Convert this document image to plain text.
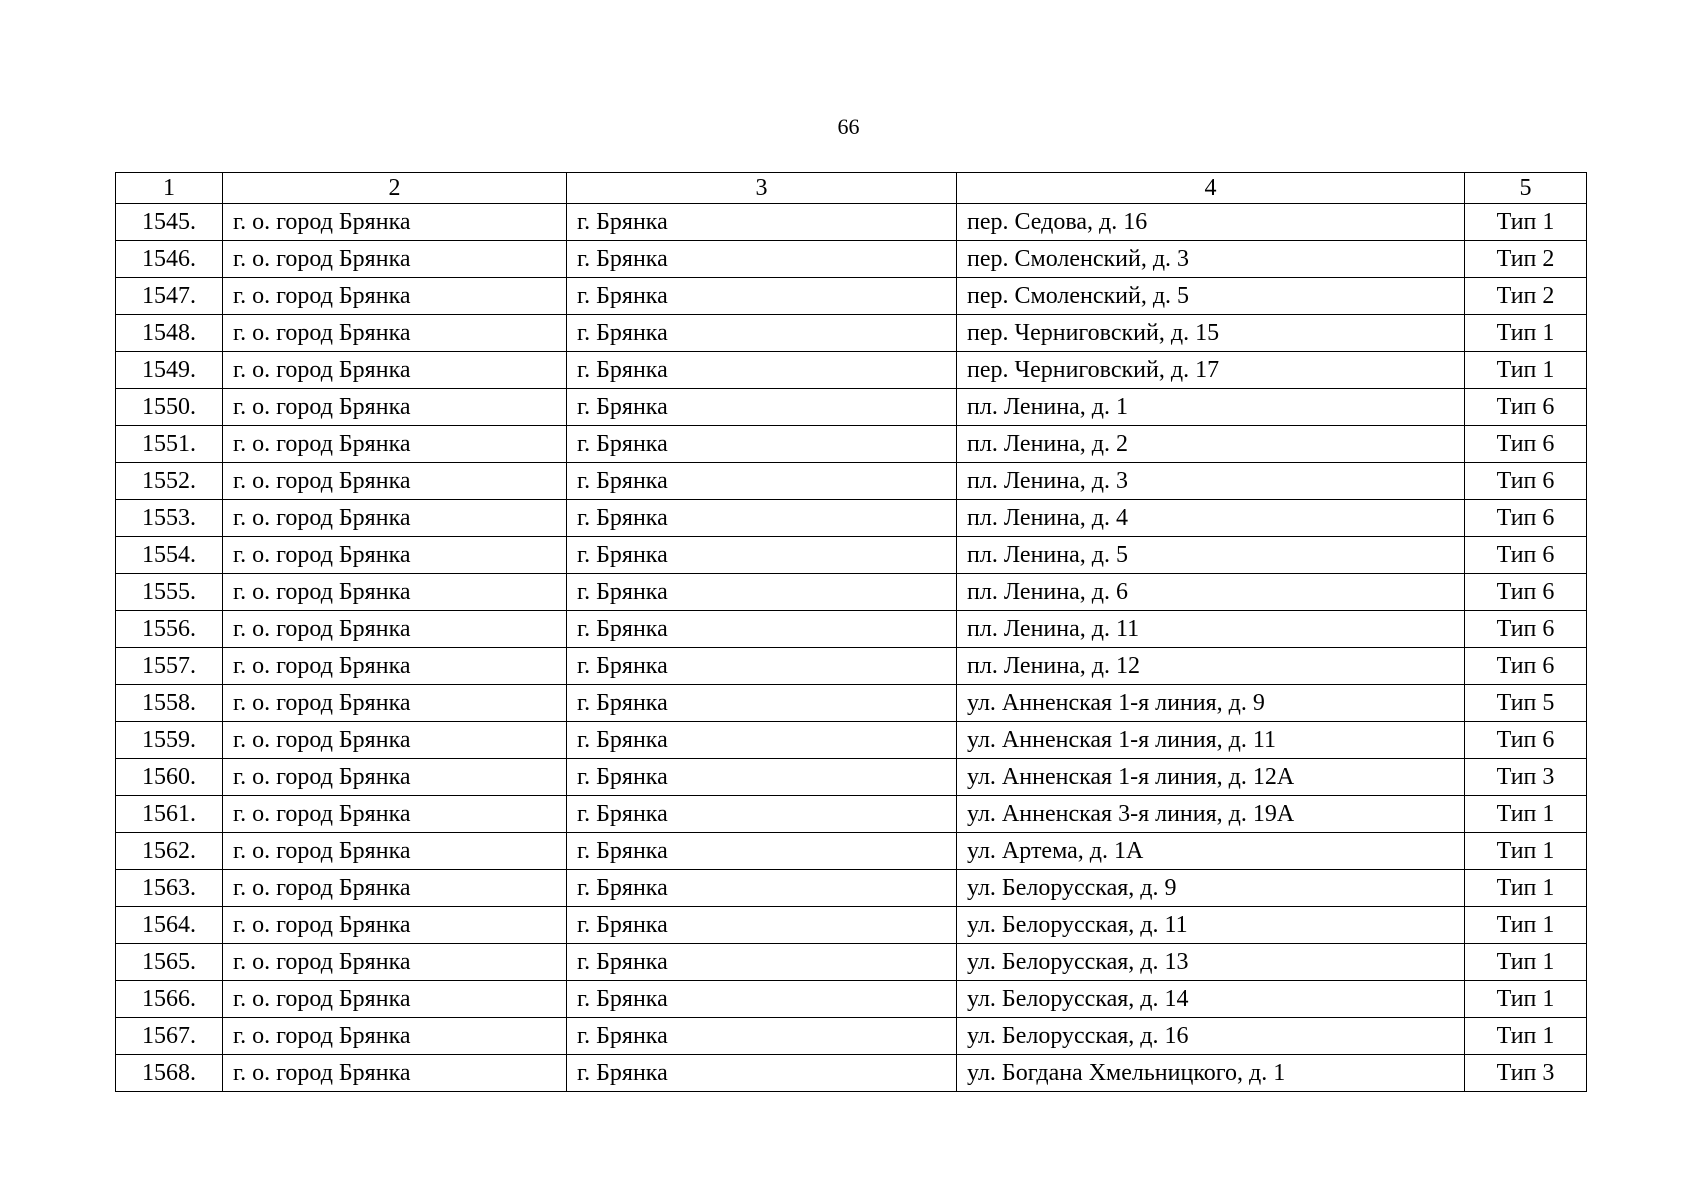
66
1	2	3	4	5
1545.	г. о. город Брянка	г. Брянка	пер. Седова, д. 16	Тип 1
1546.	г. о. город Брянка	г. Брянка	пер. Смоленский, д. 3	Тип 2
1547.	г. о. город Брянка	г. Брянка	пер. Смоленский, д. 5	Тип 2
1548.	г. о. город Брянка	г. Брянка	пер. Черниговский, д. 15	Тип 1
1549.	г. о. город Брянка	г. Брянка	пер. Черниговский, д. 17	Тип 1
1550.	г. о. город Брянка	г. Брянка	пл. Ленина, д. 1	Тип 6
1551.	г. о. город Брянка	г. Брянка	пл. Ленина, д. 2	Тип 6
1552.	г. о. город Брянка	г. Брянка	пл. Ленина, д. 3	Тип 6
1553.	г. о. город Брянка	г. Брянка	пл. Ленина, д. 4	Тип 6
1554.	г. о. город Брянка	г. Брянка	пл. Ленина, д. 5	Тип 6
1555.	г. о. город Брянка	г. Брянка	пл. Ленина, д. 6	Тип 6
1556.	г. о. город Брянка	г. Брянка	пл. Ленина, д. 11	Тип 6
1557.	г. о. город Брянка	г. Брянка	пл. Ленина, д. 12	Тип 6
1558.	г. о. город Брянка	г. Брянка	ул. Анненская 1-я линия, д. 9	Тип 5
1559.	г. о. город Брянка	г. Брянка	ул. Анненская 1-я линия, д. 11	Тип 6
1560.	г. о. город Брянка	г. Брянка	ул. Анненская 1-я линия, д. 12А	Тип 3
1561.	г. о. город Брянка	г. Брянка	ул. Анненская 3-я линия, д. 19А	Тип 1
1562.	г. о. город Брянка	г. Брянка	ул. Артема, д. 1А	Тип 1
1563.	г. о. город Брянка	г. Брянка	ул. Белорусская, д. 9	Тип 1
1564.	г. о. город Брянка	г. Брянка	ул. Белорусская, д. 11	Тип 1
1565.	г. о. город Брянка	г. Брянка	ул. Белорусская, д. 13	Тип 1
1566.	г. о. город Брянка	г. Брянка	ул. Белорусская, д. 14	Тип 1
1567.	г. о. город Брянка	г. Брянка	ул. Белорусская, д. 16	Тип 1
1568.	г. о. город Брянка	г. Брянка	ул. Богдана Хмельницкого, д. 1	Тип 3
